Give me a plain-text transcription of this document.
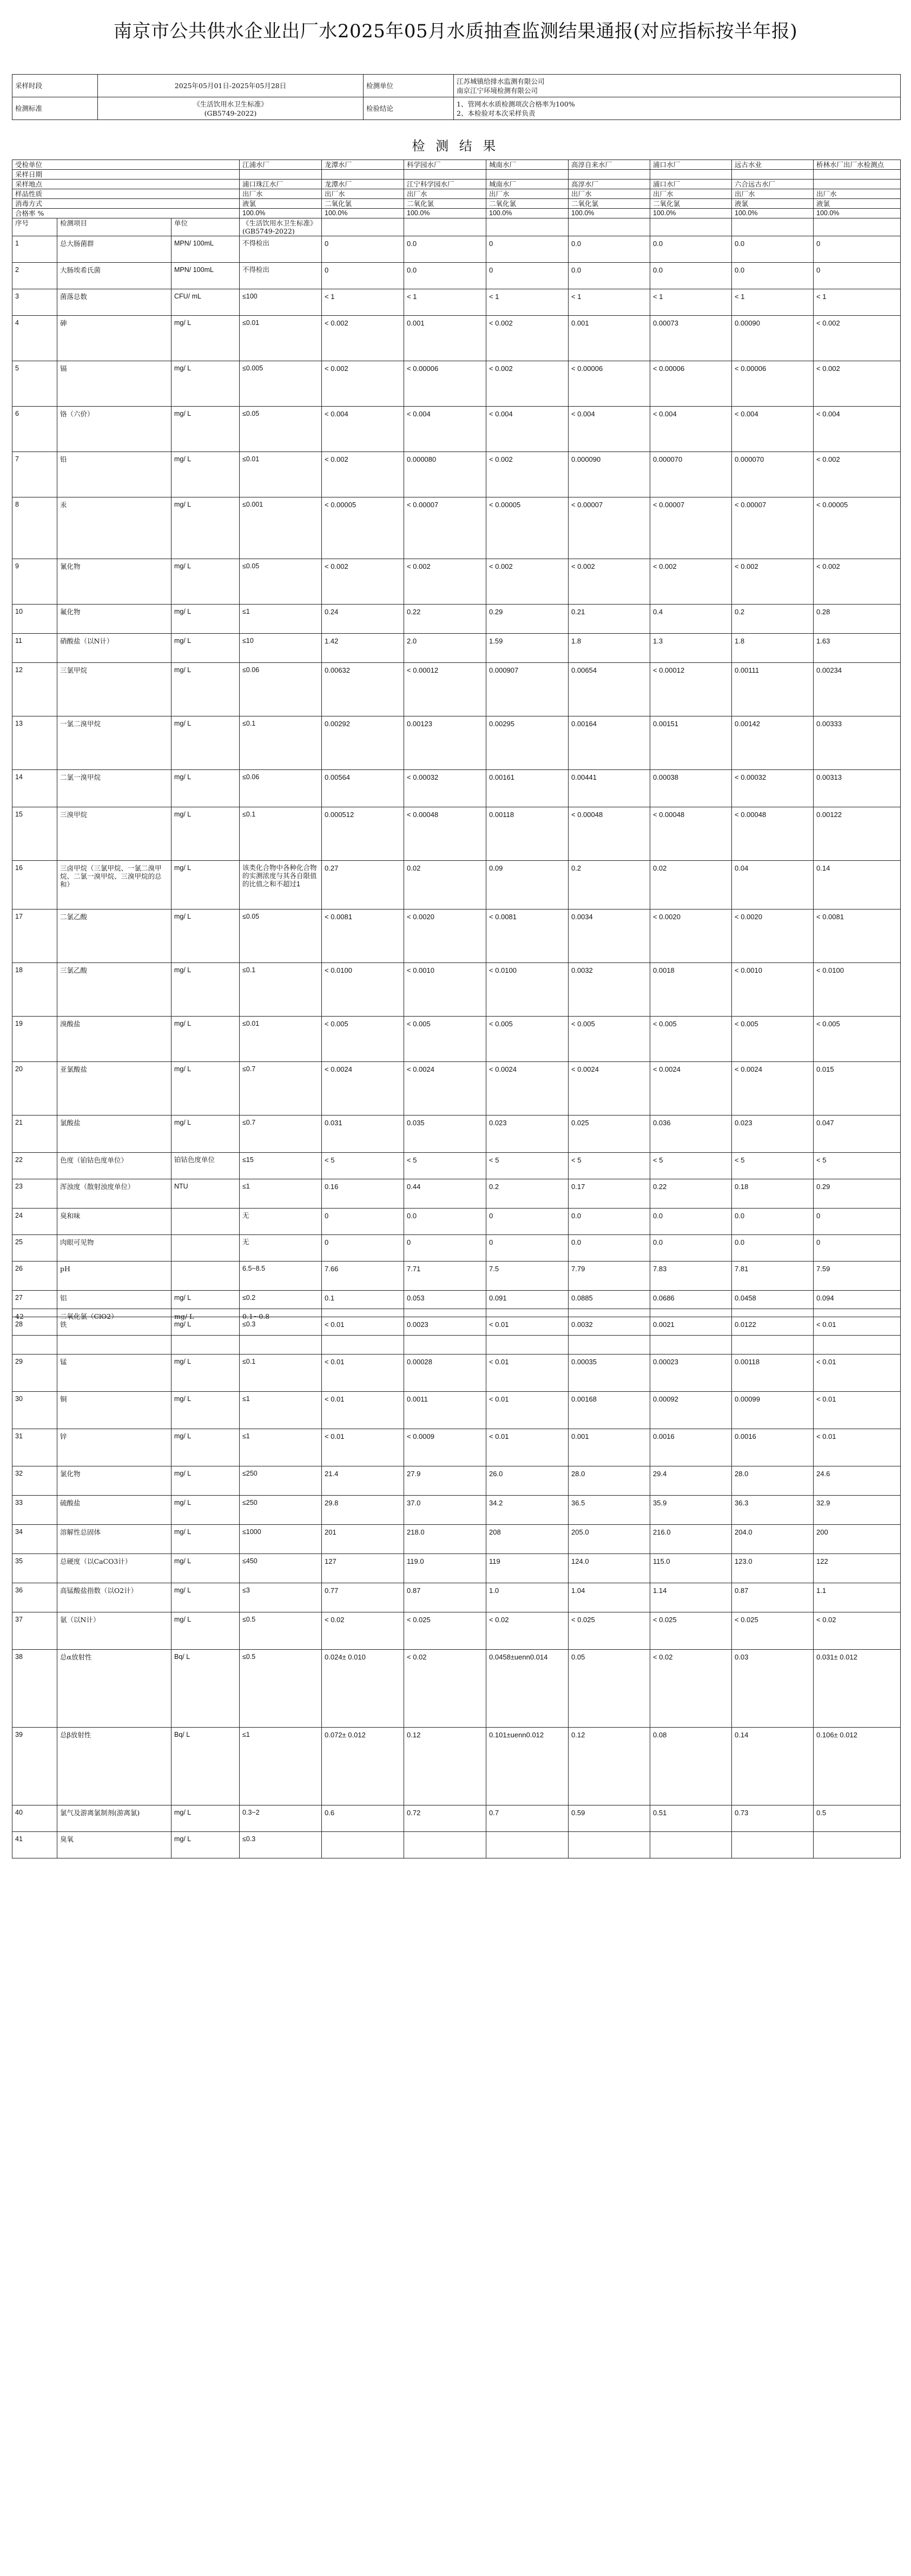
南京市公共供水企业出厂水2025年05月水质抽查监测结果通报(对应指标按半年报)
采样时段	2025年05月01日-2025年05月28日	检测单位	江苏城镇给排水监测有限公司
南京江宁环境检测有限公司
检测标准	《生活饮用水卫生标准》
(GB5749-2022)	检验结论	1、管网水水质检测项次合格率为100%
2、本检验对本次采样负责
检 测 结 果
受检单位			江浦水厂	龙潭水厂	科学园水厂	城南水厂	高淳自来水厂	浦口水厂	远古水业	桥林水厂出厂水检测点	
采样日期											
采样地点			浦口珠江水厂	龙潭水厂	江宁科学园水厂	城南水厂	高淳水厂	浦口水厂	六合远古水厂		
样品性质			出厂水	出厂水	出厂水	出厂水	出厂水	出厂水	出厂水	出厂水	
消毒方式			液氯	二氧化氯	二氧化氯	二氧化氯	二氧化氯	二氧化氯	液氯	液氯	
合格率 %			100.0%	100.0%	100.0%	100.0%	100.0%	100.0%	100.0%	100.0%	
序号	检测项目	单位	《生活饮用水卫生标准》(GB5749-2022)								
1	总大肠菌群	MPN/ 100mL	不得检出	0	0.0	0	0.0	0.0	0.0	0	
2	大肠埃希氏菌	MPN/ 100mL	不得检出	0	0.0	0	0.0	0.0	0.0	0	
3	菌落总数	CFU/ mL	≤100	< 1	< 1	< 1	< 1	< 1	< 1	< 1	
4	砷	mg/ L	≤0.01	< 0.002	0.001	< 0.002	0.001	0.00073	0.00090	< 0.002	
5	镉	mg/ L	≤0.005	< 0.002	< 0.00006	< 0.002	< 0.00006	< 0.00006	< 0.00006	< 0.002	
6	铬（六价）	mg/ L	≤0.05	< 0.004	< 0.004	< 0.004	< 0.004	< 0.004	< 0.004	< 0.004	
7	铅	mg/ L	≤0.01	< 0.002	0.000080	< 0.002	0.000090	0.000070	0.000070	< 0.002	
8	汞	mg/ L	≤0.001	< 0.00005	< 0.00007	< 0.00005	< 0.00007	< 0.00007	< 0.00007	< 0.00005	
9	氰化物	mg/ L	≤0.05	< 0.002	< 0.002	< 0.002	< 0.002	< 0.002	< 0.002	< 0.002	
10	氟化物	mg/ L	≤1	0.24	0.22	0.29	0.21	0.4	0.2	0.28	
11	硝酸盐（以N计）	mg/ L	≤10	1.42	2.0	1.59	1.8	1.3	1.8	1.63	
12	三氯甲烷	mg/ L	≤0.06	0.00632	< 0.00012	0.000907	0.00654	< 0.00012	0.00111	0.00234	
13	一氯二溴甲烷	mg/ L	≤0.1	0.00292	0.00123	0.00295	0.00164	0.00151	0.00142	0.00333	
14	二氯一溴甲烷	mg/ L	≤0.06	0.00564	< 0.00032	0.00161	0.00441	0.00038	< 0.00032	0.00313	
15	三溴甲烷	mg/ L	≤0.1	0.000512	< 0.00048	0.00118	< 0.00048	< 0.00048	< 0.00048	0.00122	
16	三卤甲烷（三氯甲烷、一氯二溴甲烷、二氯一溴甲烷、三溴甲烷的总和）	mg/ L	该类化合物中各种化合物的实测浓度与其各自限值的比值之和不超过1	0.27	0.02	0.09	0.2	0.02	0.04	0.14	
17	二氯乙酸	mg/ L	≤0.05	< 0.0081	< 0.0020	< 0.0081	0.0034	< 0.0020	< 0.0020	< 0.0081	
18	三氯乙酸	mg/ L	≤0.1	< 0.0100	< 0.0010	< 0.0100	0.0032	0.0018	< 0.0010	< 0.0100	
19	溴酸盐	mg/ L	≤0.01	< 0.005	< 0.005	< 0.005	< 0.005	< 0.005	< 0.005	< 0.005	
20	亚氯酸盐	mg/ L	≤0.7	< 0.0024	< 0.0024	< 0.0024	< 0.0024	< 0.0024	< 0.0024	0.015	
21	氯酸盐	mg/ L	≤0.7	0.031	0.035	0.023	0.025	0.036	0.023	0.047	
22	色度（铂钴色度单位）	铂钴色度单位	≤15	< 5	< 5	< 5	< 5	< 5	< 5	< 5	
23	浑浊度（散射浊度单位）	NTU	≤1	0.16	0.44	0.2	0.17	0.22	0.18	0.29	
24	臭和味		无	0	0.0	0	0.0	0.0	0.0	0	
25	肉眼可见物		无	0	0	0	0.0	0.0	0.0	0	
26	pH		6.5~8.5	7.66	7.71	7.5	7.79	7.83	7.81	7.59	
27	铝	mg/ L	≤0.2	0.1	0.053	0.091	0.0885	0.0686	0.0458	0.094	
28	铁	mg/ L	≤0.3	< 0.01	0.0023	< 0.01	0.0032	0.0021	0.0122	< 0.01	
29	锰	mg/ L	≤0.1	< 0.01	0.00028	< 0.01	0.00035	0.00023	0.00118	< 0.01	
30	铜	mg/ L	≤1	< 0.01	0.0011	< 0.01	0.00168	0.00092	0.00099	< 0.01	
31	锌	mg/ L	≤1	< 0.01	< 0.0009	< 0.01	0.001	0.0016	0.0016	< 0.01	
32	氯化物	mg/ L	≤250	21.4	27.9	26.0	28.0	29.4	28.0	24.6	
33	硫酸盐	mg/ L	≤250	29.8	37.0	34.2	36.5	35.9	36.3	32.9	
34	溶解性总固体	mg/ L	≤1000	201	218.0	208	205.0	216.0	204.0	200	
35	总硬度（以CaCO3计）	mg/ L	≤450	127	119.0	119	124.0	115.0	123.0	122	
36	高锰酸盐指数（以O2计）	mg/ L	≤3	0.77	0.87	1.0	1.04	1.14	0.87	1.1	
37	氨（以N计）	mg/ L	≤0.5	< 0.02	< 0.025	< 0.02	< 0.025	< 0.025	< 0.025	< 0.02	
38	总α放射性	Bq/ L	≤0.5	0.024± 0.010	< 0.02	0.0458±uenn0.014	0.05	< 0.02	0.03	0.031± 0.012	
39	总β放射性	Bq/ L	≤1	0.072± 0.012	0.12	0.101±uenn0.012	0.12	0.08	0.14	0.106± 0.012	
40	氯气及游离氯制剂(游离氯)	mg/ L	0.3~2	0.6	0.72	0.7	0.59	0.51	0.73	0.5	
41	臭氧	mg/ L	≤0.3								
42	二氧化氯（ClO2）	mg/ L	0.1~0.8								
